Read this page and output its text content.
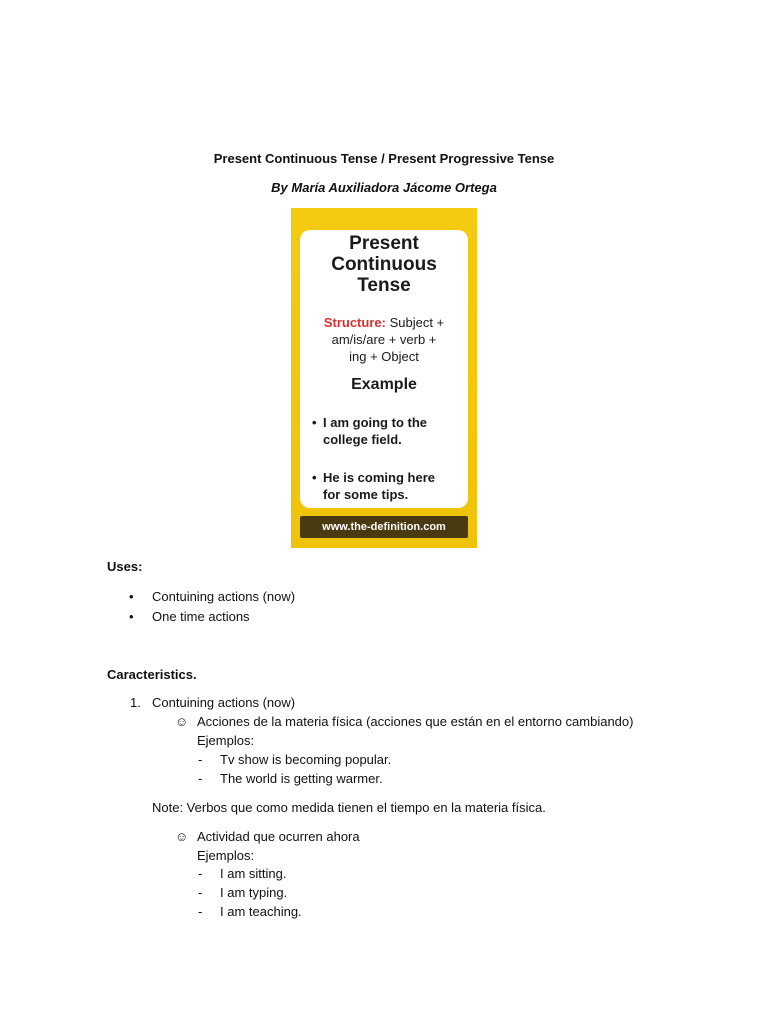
Present Continuous Tense / Present Progressive Tense
By María Auxiliadora Jácome Ortega
Present
Continuous
Tense
Structure: Subject +
am/is/are + verb +
ing + Object
Example
• I am going to the
college field.
• He is coming here
for some tips.
www.the-definition.com
Uses:
• Contuining actions (now)
• One time actions
Caracteristics.
1. Contuining actions (now)
☺ Acciones de la materia física (acciones que están en el entorno cambiando)
Ejemplos:
- Tv show is becoming popular.
- The world is getting warmer.
Note: Verbos que como medida tienen el tiempo en la materia física.
☺ Actividad que ocurren ahora
Ejemplos:
- I am sitting.
- I am typing.
- I am teaching.
